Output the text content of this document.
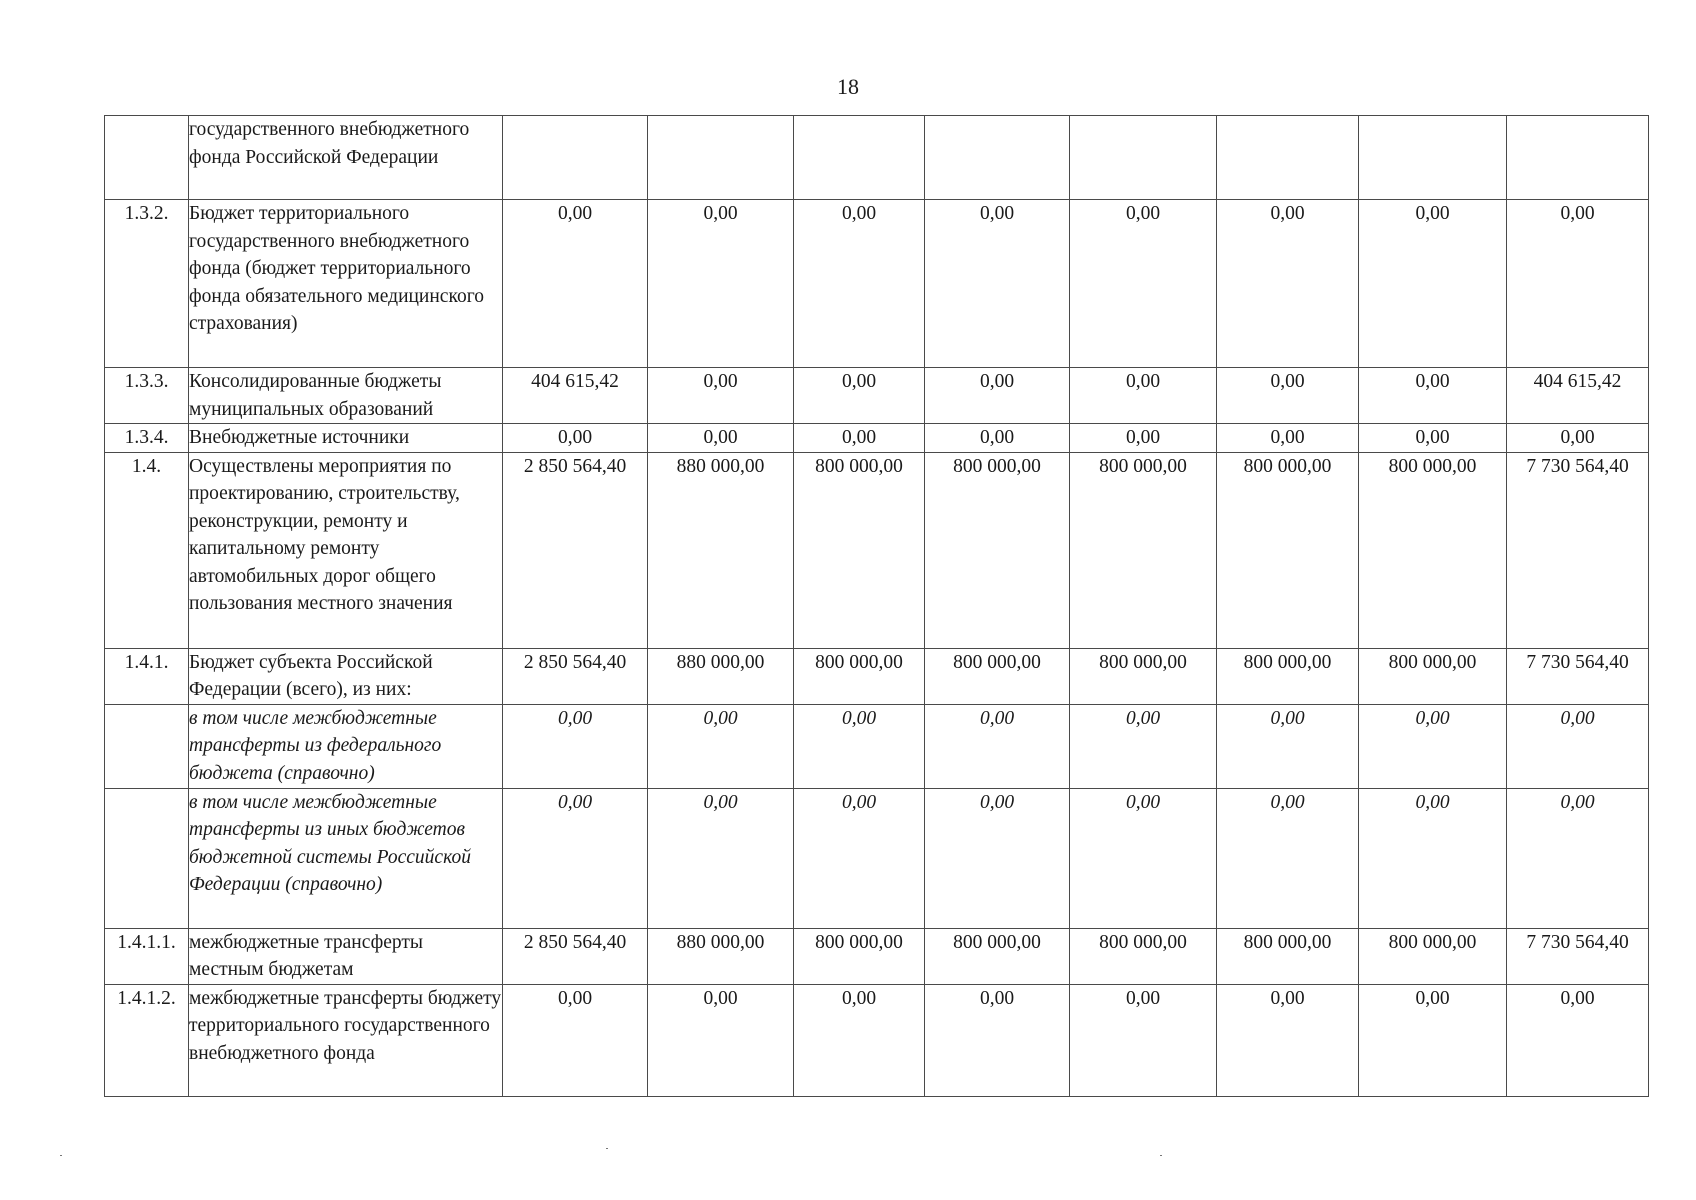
18
	государственного внебюджетного фонда Российской Федерации								
1.3.2.	Бюджет территориального государственного внебюджетного фонда (бюджет территориального фонда обязательного медицинского страхования)	0,00	0,00	0,00	0,00	0,00	0,00	0,00	0,00
1.3.3.	Консолидированные бюджеты муниципальных образований	404 615,42	0,00	0,00	0,00	0,00	0,00	0,00	404 615,42
1.3.4.	Внебюджетные источники	0,00	0,00	0,00	0,00	0,00	0,00	0,00	0,00
1.4.	Осуществлены мероприятия по проектированию, строительству, реконструкции, ремонту и капитальному ремонту автомобильных дорог общего пользования местного значения	2 850 564,40	880 000,00	800 000,00	800 000,00	800 000,00	800 000,00	800 000,00	7 730 564,40
1.4.1.	Бюджет субъекта Российской Федерации (всего), из них:	2 850 564,40	880 000,00	800 000,00	800 000,00	800 000,00	800 000,00	800 000,00	7 730 564,40
	в том числе межбюджетные трансферты из федерального бюджета (справочно)	0,00	0,00	0,00	0,00	0,00	0,00	0,00	0,00
	в том числе межбюджетные трансферты из иных бюджетов бюджетной системы Российской Федерации (справочно)	0,00	0,00	0,00	0,00	0,00	0,00	0,00	0,00
1.4.1.1.	межбюджетные трансферты местным бюджетам	2 850 564,40	880 000,00	800 000,00	800 000,00	800 000,00	800 000,00	800 000,00	7 730 564,40
1.4.1.2.	межбюджетные трансферты бюджету территориального государственного внебюджетного фонда	0,00	0,00	0,00	0,00	0,00	0,00	0,00	0,00
